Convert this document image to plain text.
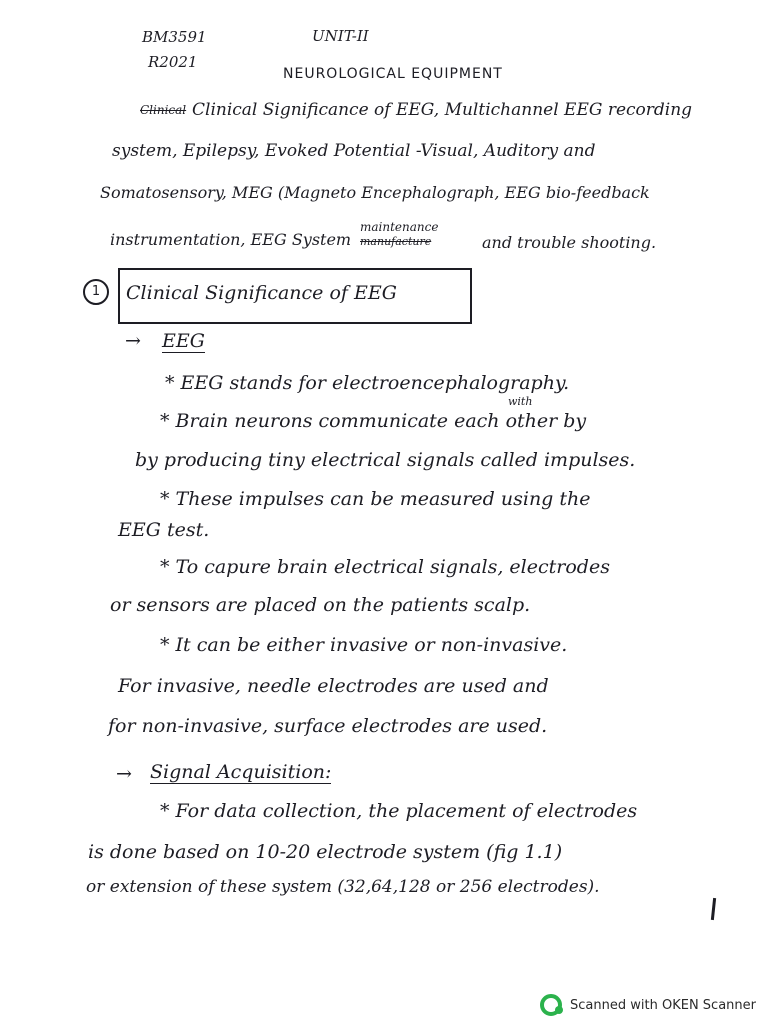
BM3591
R2021
UNIT-II
NEUROLOGICAL EQUIPMENT
Clinical Clinical Significance of EEG, Multichannel EEG recording
system, Epilepsy, Evoked Potential -Visual, Auditory and
Somatosensory, MEG (Magneto Encephalograph, EEG bio-feedback
maintenance
manufacture
instrumentation, EEG System	and trouble shooting.
1	Clinical Significance of EEG
→ EEG
* EEG stands for electroencephalography.
with
* Brain neurons communicate each other by
by producing tiny electrical signals called impulses.
* These impulses can be measured using the
EEG test.
* To capure brain electrical signals, electrodes
or sensors are placed on the patients scalp.
* It can be either invasive or non-invasive.
For invasive, needle electrodes are used and
for non-invasive, surface electrodes are used.
→ Signal Acquisition:
* For data collection, the placement of electrodes
is done based on 10-20 electrode system (fig 1.1)
or extension of these system (32,64,128 or 256 electrodes).
Scanned with OKEN Scanner
